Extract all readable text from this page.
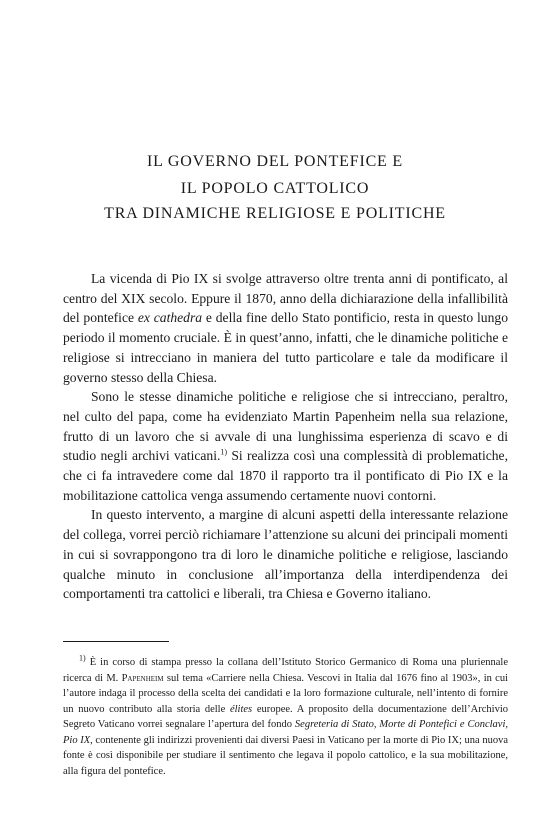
IL GOVERNO DEL PONTEFICE E
IL POPOLO CATTOLICO
TRA DINAMICHE RELIGIOSE E POLITICHE

La vicenda di Pio IX si svolge attraverso oltre trenta anni di pontificato, al centro del XIX secolo. Eppure il 1870, anno della dichiarazione della infallibilità del pontefice ex cathedra e della fine dello Stato pontificio, resta in questo lungo periodo il momento cruciale. È in quest’anno, infatti, che le dinamiche politiche e religiose si intrecciano in maniera del tutto particolare e tale da modificare il governo stesso della Chiesa.

Sono le stesse dinamiche politiche e religiose che si intrecciano, peraltro, nel culto del papa, come ha evidenziato Martin Papenheim nella sua relazione, frutto di un lavoro che si avvale di una lunghissima esperienza di scavo e di studio negli archivi vaticani.$^{1)}$ Si realizza così una complessità di problematiche, che ci fa intravedere come dal 1870 il rapporto tra il pontificato di Pio IX e la mobilitazione cattolica venga assumendo certamente nuovi contorni.

In questo intervento, a margine di alcuni aspetti della interessante relazione del collega, vorrei perciò richiamare l’attenzione su alcuni dei principali momenti in cui si sovrappongono tra di loro le dinamiche politiche e religiose, lasciando qualche minuto in conclusione all’importanza della interdipendenza dei comportamenti tra cattolici e liberali, tra Chiesa e Governo italiano.

$^{1)}$ È in corso di stampa presso la collana dell’Istituto Storico Germanico di Roma una pluriennale ricerca di M. Papenheim sul tema «Carriere nella Chiesa. Vescovi in Italia dal 1676 fino al 1903», in cui l’autore indaga il processo della scelta dei candidati e la loro formazione culturale, nell’intento di fornire un nuovo contributo alla storia delle élites europee. A proposito della documentazione dell’Archivio Segreto Vaticano vorrei segnalare l’apertura del fondo Segreteria di Stato, Morte di Pontefici e Conclavi, Pio IX, contenente gli indirizzi provenienti dai diversi Paesi in Vaticano per la morte di Pio IX; una nuova fonte è così disponibile per studiare il sentimento che legava il popolo cattolico, e la sua mobilitazione, alla figura del pontefice.
